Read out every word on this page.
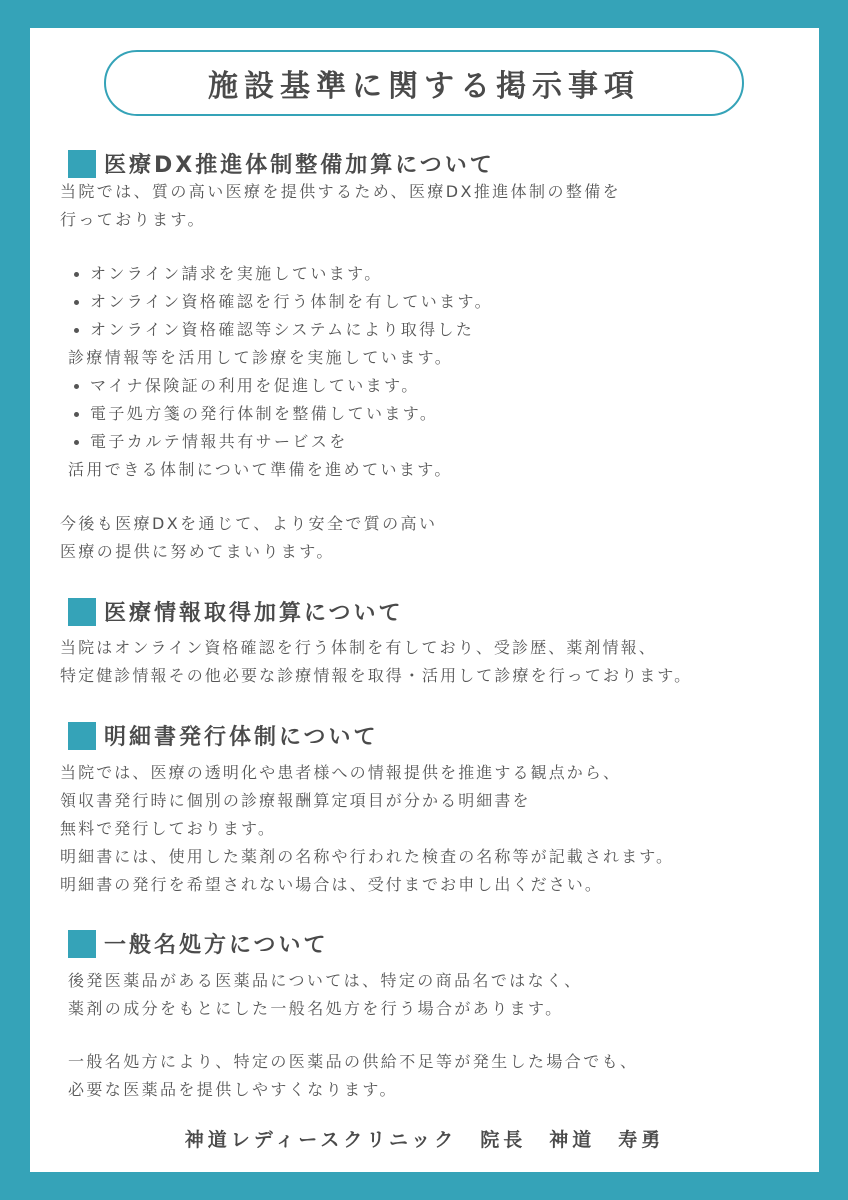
施設基準に関する掲示事項
医療DX推進体制整備加算について

当院では、質の高い医療を提供するため、医療DX推進体制の整備を
行っております。

オンライン請求を実施しています。
オンライン資格確認を行う体制を有しています。
オンライン資格確認等システムにより取得した
診療情報等を活用して診療を実施しています。
マイナ保険証の利用を促進しています。
電子処方箋の発行体制を整備しています。
電子カルテ情報共有サービスを
活用できる体制について準備を進めています。

今後も医療DXを通じて、より安全で質の高い
医療の提供に努めてまいります。

医療情報取得加算について

当院はオンライン資格確認を行う体制を有しており、受診歴、薬剤情報、
特定健診情報その他必要な診療情報を取得・活用して診療を行っております。

明細書発行体制について

当院では、医療の透明化や患者様への情報提供を推進する観点から、
領収書発行時に個別の診療報酬算定項目が分かる明細書を
無料で発行しております。
明細書には、使用した薬剤の名称や行われた検査の名称等が記載されます。
明細書の発行を希望されない場合は、受付までお申し出ください。

一般名処方について

後発医薬品がある医薬品については、特定の商品名ではなく、
薬剤の成分をもとにした一般名処方を行う場合があります。

一般名処方により、特定の医薬品の供給不足等が発生した場合でも、
必要な医薬品を提供しやすくなります。

神道レディースクリニック　院長　神道　寿勇
